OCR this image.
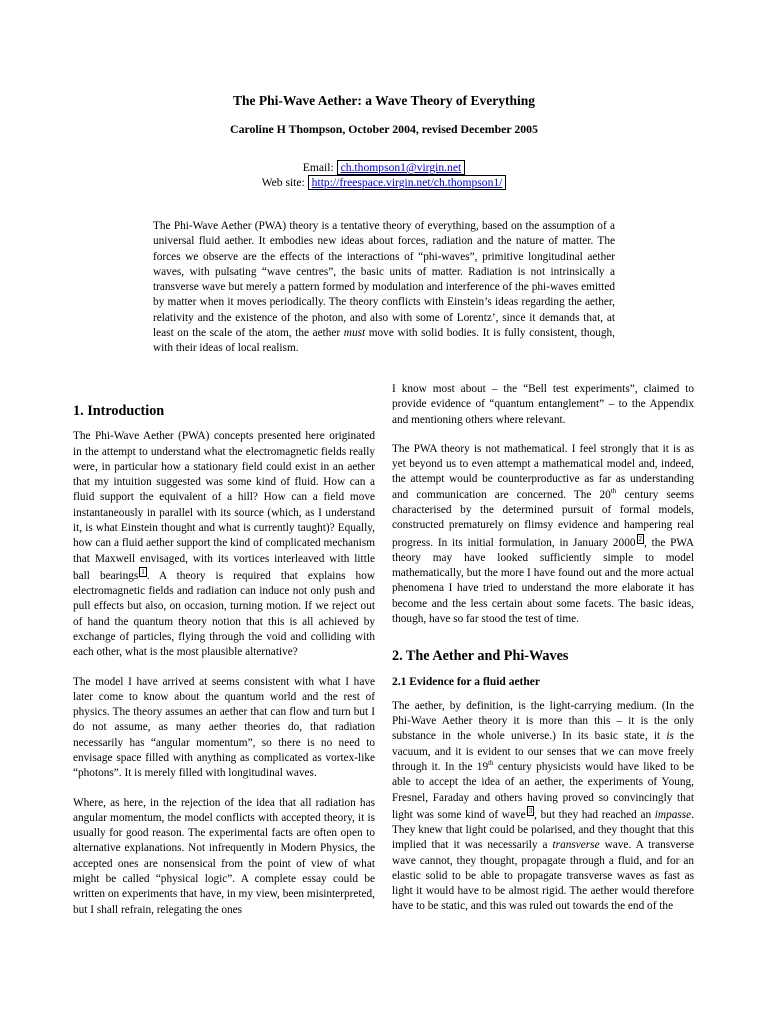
The Phi-Wave Aether: a Wave Theory of Everything
Caroline H Thompson, October 2004, revised December 2005
Email: ch.thompson1@virgin.net
Web site: http://freespace.virgin.net/ch.thompson1/
The Phi-Wave Aether (PWA) theory is a tentative theory of everything, based on the assumption of a universal fluid aether. It embodies new ideas about forces, radiation and the nature of matter. The forces we observe are the effects of the interactions of “phi-waves”, primitive longitudinal aether waves, with pulsating “wave centres”, the basic units of matter. Radiation is not intrinsically a transverse wave but merely a pattern formed by modulation and interference of the phi-waves emitted by matter when it moves periodically. The theory conflicts with Einstein’s ideas regarding the aether, relativity and the existence of the photon, and also with some of Lorentz’, since it demands that, at least on the scale of the atom, the aether must move with solid bodies. It is fully consistent, though, with their ideas of local realism.
1. Introduction

The Phi-Wave Aether (PWA) concepts presented here originated in the attempt to understand what the electromagnetic fields really were, in particular how a stationary field could exist in an aether that my intuition suggested was some kind of fluid. How can a fluid support the equivalent of a hill? How can a field move instantaneously in parallel with its source (which, as I understand it, is what Einstein thought and what is currently taught)? Equally, how can a fluid aether support the kind of complicated mechanism that Maxwell envisaged, with its vortices interleaved with little ball bearings 1 . A theory is required that explains how electromagnetic fields and radiation can induce not only push and pull effects but also, on occasion, turning motion. If we reject out of hand the quantum theory notion that this is all achieved by exchange of particles, flying through the void and colliding with each other, what is the most plausible alternative?

The model I have arrived at seems consistent with what I have later come to know about the quantum world and the rest of physics. The theory assumes an aether that can flow and turn but I do not assume, as many aether theories do, that radiation necessarily has “angular momentum”, so there is no need to envisage space filled with anything as complicated as vortex-like “photons”. It is merely filled with longitudinal waves.

Where, as here, in the rejection of the idea that all radiation has angular momentum, the model conflicts with accepted theory, it is usually for good reason. The experimental facts are often open to alternative explanations. Not infrequently in Modern Physics, the accepted ones are nonsensical from the point of view of what might be called “physical logic”. A complete essay could be written on experiments that have, in my view, been misinterpreted, but I shall refrain, relegating the ones

I know most about – the “Bell test experiments”, claimed to provide evidence of “quantum entanglement” – to the Appendix and mentioning others where relevant.

The PWA theory is not mathematical. I feel strongly that it is as yet beyond us to even attempt a mathematical model and, indeed, the attempt would be counterproductive as far as understanding and communication are concerned. The 20th century seems characterised by the determined pursuit of formal models, constructed prematurely on flimsy evidence and hampering real progress. In its initial formulation, in January 2000 2 , the PWA theory may have looked sufficiently simple to model mathematically, but the more I have found out and the more actual phenomena I have tried to understand the more elaborate it has become and the less certain about some facets. The basic ideas, though, have so far stood the test of time.

2. The Aether and Phi-Waves
2.1 Evidence for a fluid aether

The aether, by definition, is the light-carrying medium. (In the Phi-Wave Aether theory it is more than this – it is the only substance in the whole universe.) In its basic state, it is the vacuum, and it is evident to our senses that we can move freely through it. In the 19th century physicists would have liked to be able to accept the idea of an aether, the experiments of Young, Fresnel, Faraday and others having proved so convincingly that light was some kind of wave 3 , but they had reached an impasse. They knew that light could be polarised, and they thought that this implied that it was necessarily a transverse wave. A transverse wave cannot, they thought, propagate through a fluid, and for an elastic solid to be able to propagate transverse waves as fast as light it would have to be almost rigid. The aether would therefore have to be static, and this was ruled out towards the end of the
